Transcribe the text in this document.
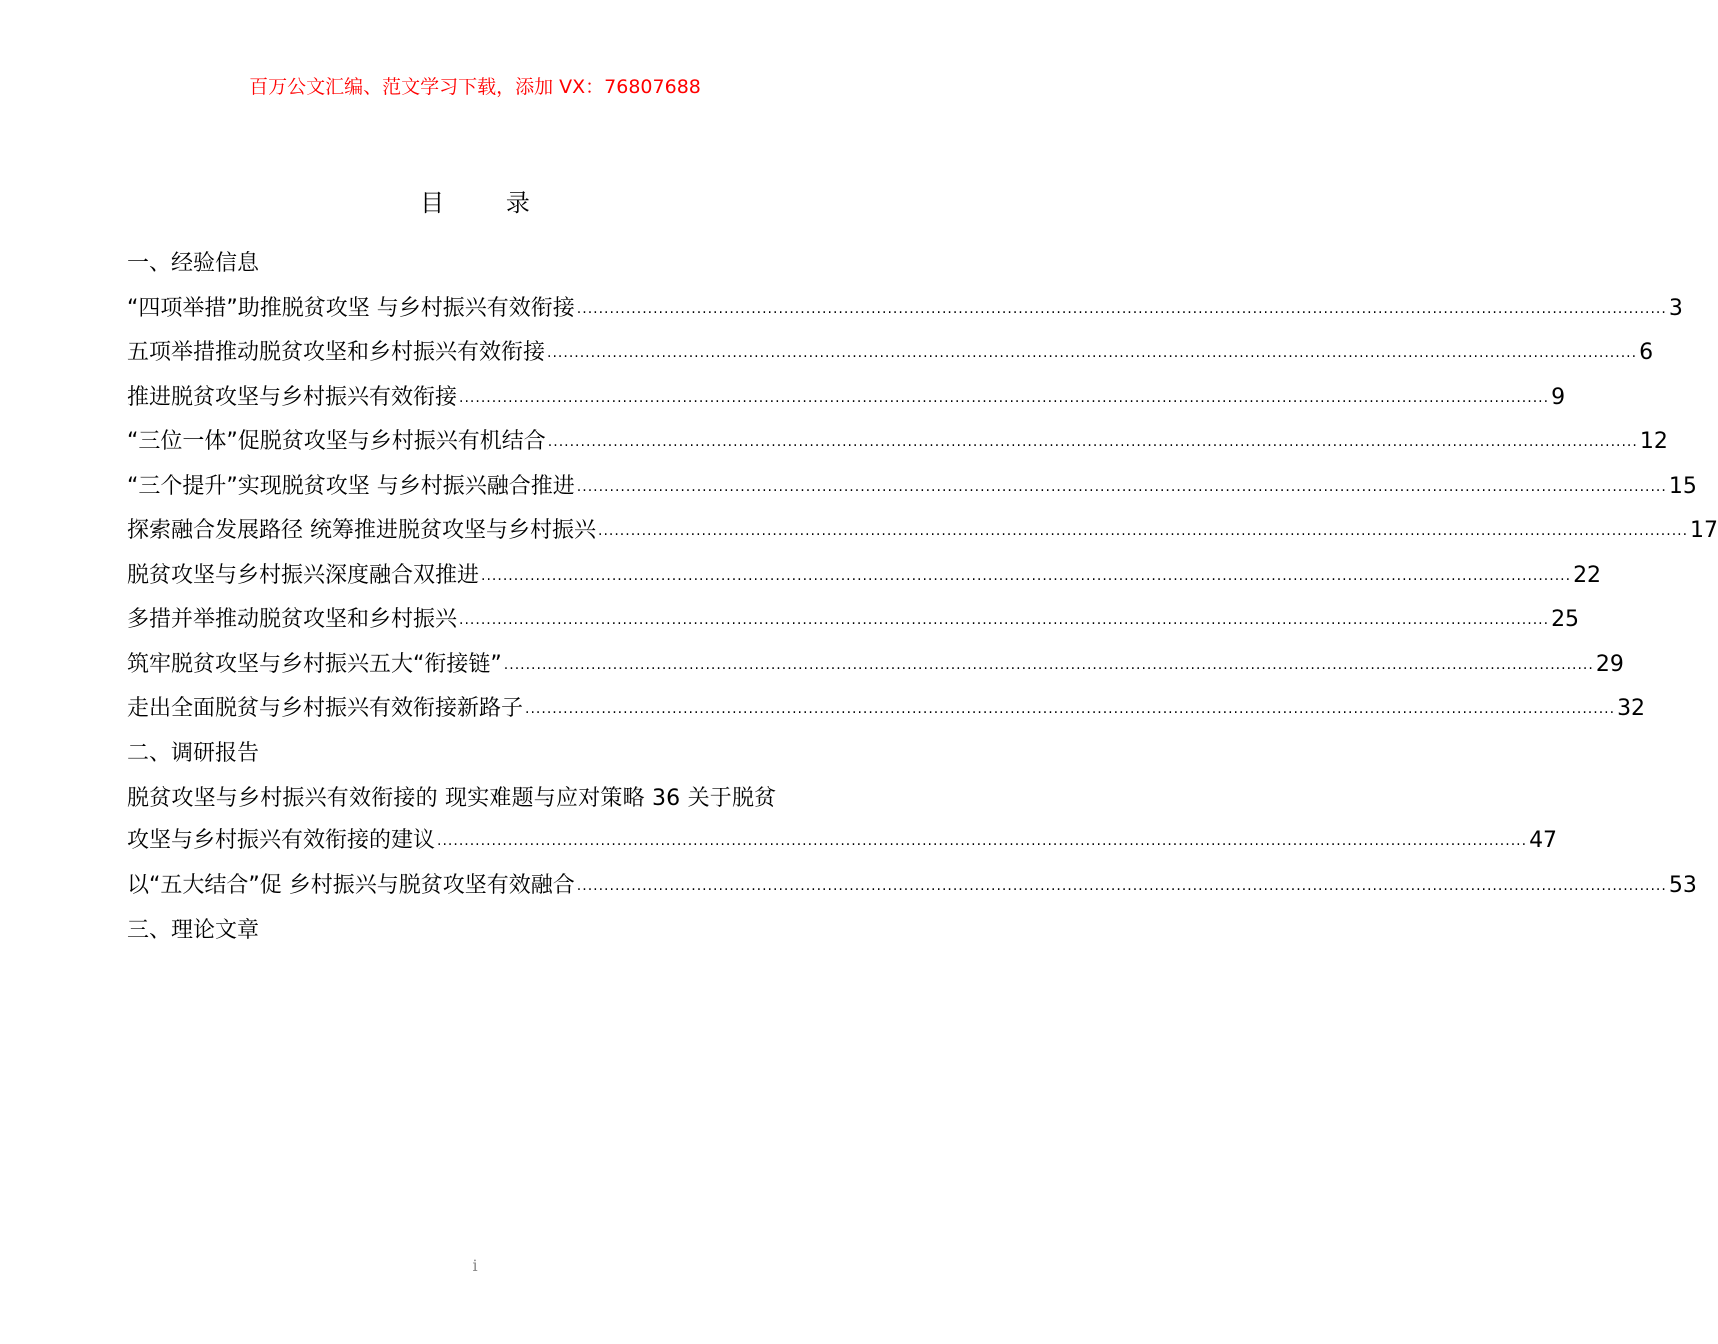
百万公文汇编、范文学习下载，添加 VX：76807688
目	录
一、经验信息
“四项举措”助推脱贫攻坚 与乡村振兴有效衔接 ........................................................................................................................................................................................................ 3
五项举措推动脱贫攻坚和乡村振兴有效衔接 ........................................................................................................................................................................................................ 6
推进脱贫攻坚与乡村振兴有效衔接 ........................................................................................................................................................................................................ 9
“三位一体”促脱贫攻坚与乡村振兴有机结合 ........................................................................................................................................................................................................ 12
“三个提升”实现脱贫攻坚 与乡村振兴融合推进 ........................................................................................................................................................................................................ 15
探索融合发展路径 统筹推进脱贫攻坚与乡村振兴 ........................................................................................................................................................................................................ 17
脱贫攻坚与乡村振兴深度融合双推进 ........................................................................................................................................................................................................ 22
多措并举推动脱贫攻坚和乡村振兴 ........................................................................................................................................................................................................ 25
筑牢脱贫攻坚与乡村振兴五大“衔接链” ........................................................................................................................................................................................................ 29
走出全面脱贫与乡村振兴有效衔接新路子 ........................................................................................................................................................................................................ 32
二、调研报告
脱贫攻坚与乡村振兴有效衔接的 现实难题与应对策略 36 关于脱贫
攻坚与乡村振兴有效衔接的建议 ........................................................................................................................................................................................................ 47
以“五大结合”促 乡村振兴与脱贫攻坚有效融合 ........................................................................................................................................................................................................ 53
三、理论文章
i
